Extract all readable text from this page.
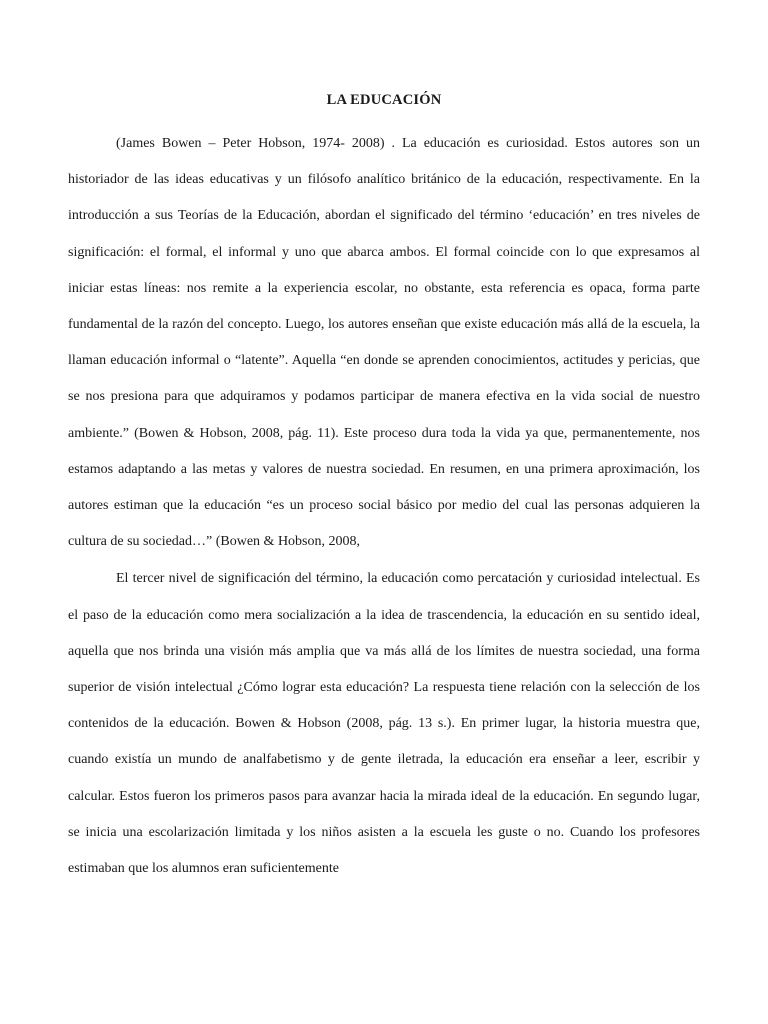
LA EDUCACIÓN

(James Bowen – Peter Hobson, 1974- 2008) . La educación es curiosidad. Estos autores son un historiador de las ideas educativas y un filósofo analítico británico de la educación, respectivamente. En la introducción a sus Teorías de la Educación, abordan el significado del término ‘educación’ en tres niveles de significación: el formal, el informal y uno que abarca ambos. El formal coincide con lo que expresamos al iniciar estas líneas: nos remite a la experiencia escolar, no obstante, esta referencia es opaca, forma parte fundamental de la razón del concepto. Luego, los autores enseñan que existe educación más allá de la escuela, la llaman educación informal o “latente”. Aquella “en donde se aprenden conocimientos, actitudes y pericias, que se nos presiona para que adquiramos y podamos participar de manera efectiva en la vida social de nuestro ambiente.” (Bowen & Hobson, 2008, pág. 11). Este proceso dura toda la vida ya que, permanentemente, nos estamos adaptando a las metas y valores de nuestra sociedad. En resumen, en una primera aproximación, los autores estiman que la educación “es un proceso social básico por medio del cual las personas adquieren la cultura de su sociedad…” (Bowen & Hobson, 2008,

El tercer nivel de significación del término, la educación como percatación y curiosidad intelectual. Es el paso de la educación como mera socialización a la idea de trascendencia, la educación en su sentido ideal, aquella que nos brinda una visión más amplia que va más allá de los límites de nuestra sociedad, una forma superior de visión intelectual ¿Cómo lograr esta educación? La respuesta tiene relación con la selección de los contenidos de la educación. Bowen & Hobson (2008, pág. 13 s.). En primer lugar, la historia muestra que, cuando existía un mundo de analfabetismo y de gente iletrada, la educación era enseñar a leer, escribir y calcular. Estos fueron los primeros pasos para avanzar hacia la mirada ideal de la educación. En segundo lugar, se inicia una escolarización limitada y los niños asisten a la escuela les guste o no. Cuando los profesores estimaban que los alumnos eran suficientemente
